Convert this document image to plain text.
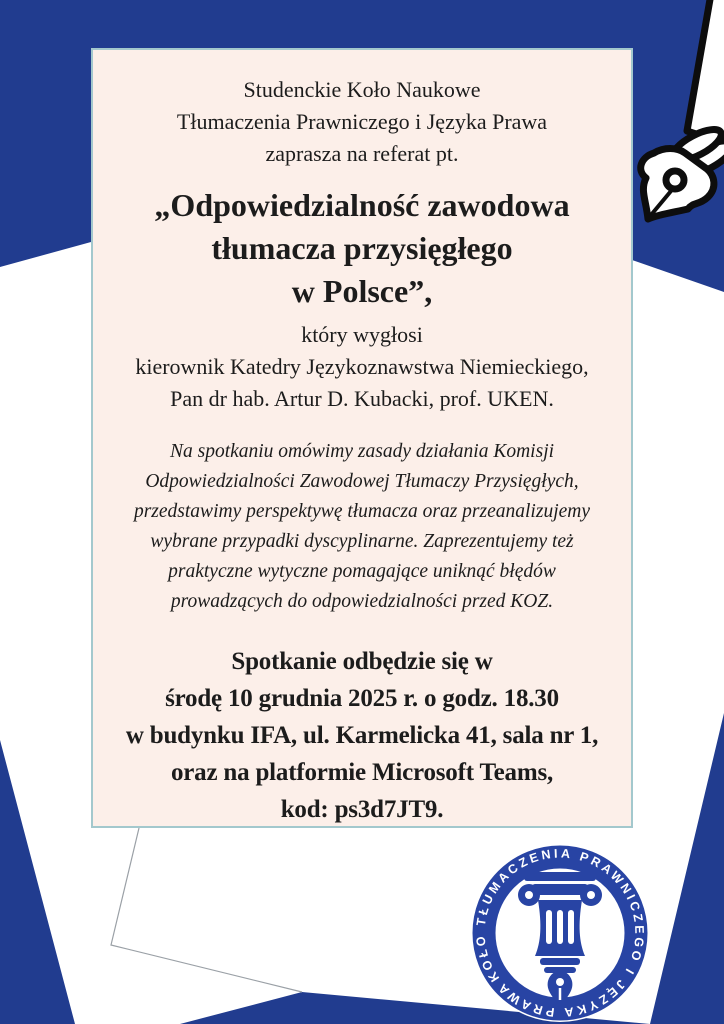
KOŁO TŁUMACZENIA PRAWNICZEGO I JĘZYKA PRAWA
Studenckie Koło Naukowe
Tłumaczenia Prawniczego i Języka Prawa
zaprasza na referat pt.
„Odpowiedzialność zawodowa
tłumacza przysięgłego
w Polsce”,
który wygłosi
kierownik Katedry Językoznawstwa Niemieckiego,
Pan dr hab. Artur D. Kubacki, prof. UKEN.
Na spotkaniu omówimy zasady działania Komisji
Odpowiedzialności Zawodowej Tłumaczy Przysięgłych,
przedstawimy perspektywę tłumacza oraz przeanalizujemy
wybrane przypadki dyscyplinarne. Zaprezentujemy też
praktyczne wytyczne pomagające uniknąć błędów
prowadzących do odpowiedzialności przed KOZ.
Spotkanie odbędzie się w
środę 10 grudnia 2025 r. o godz. 18.30
w budynku IFA, ul. Karmelicka 41, sala nr 1,
oraz na platformie Microsoft Teams,
kod: ps3d7JT9.
